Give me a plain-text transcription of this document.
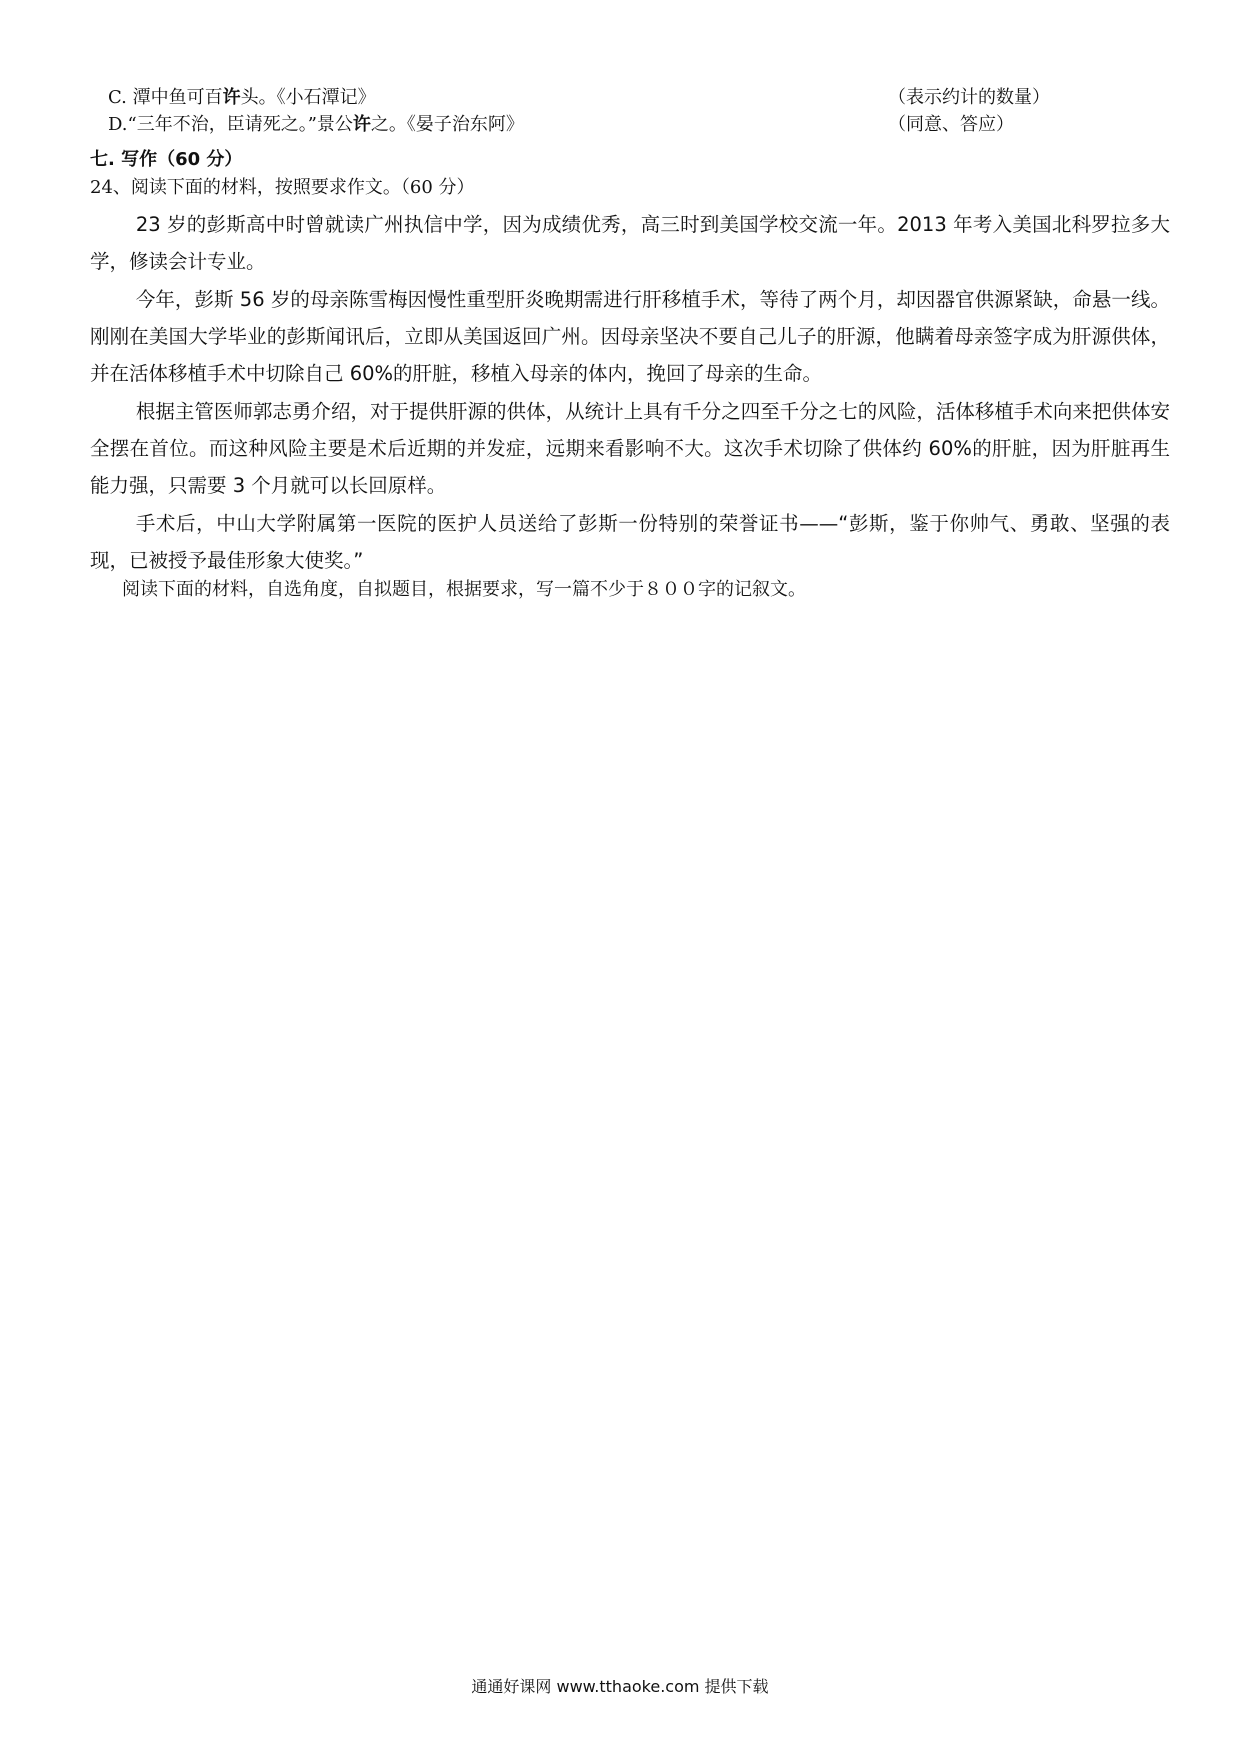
C. 潭中鱼可百许头。《小石潭记》	（表示约计的数量）
D.“三年不治，臣请死之。”景公许之。《晏子治东阿》	（同意、答应）
七. 写作（60 分）
24、阅读下面的材料，按照要求作文。（60 分）

23 岁的彭斯高中时曾就读广州执信中学，因为成绩优秀，高三时到美国学校交流一年。2013 年考入美国北科罗拉多大学，修读会计专业。

今年，彭斯 56 岁的母亲陈雪梅因慢性重型肝炎晚期需进行肝移植手术，等待了两个月，却因器官供源紧缺，命悬一线。刚刚在美国大学毕业的彭斯闻讯后，立即从美国返回广州。因母亲坚决不要自己儿子的肝源，他瞒着母亲签字成为肝源供体，并在活体移植手术中切除自己 60%的肝脏，移植入母亲的体内，挽回了母亲的生命。

根据主管医师郭志勇介绍，对于提供肝源的供体，从统计上具有千分之四至千分之七的风险，活体移植手术向来把供体安全摆在首位。而这种风险主要是术后近期的并发症，远期来看影响不大。这次手术切除了供体约 60%的肝脏，因为肝脏再生能力强，只需要 3 个月就可以长回原样。

手术后，中山大学附属第一医院的医护人员送给了彭斯一份特别的荣誉证书——“彭斯，鉴于你帅气、勇敢、坚强的表现，已被授予最佳形象大使奖。”

阅读下面的材料，自选角度，自拟题目，根据要求，写一篇不少于８００字的记叙文。
通通好课网 www.tthaoke.com 提供下载
